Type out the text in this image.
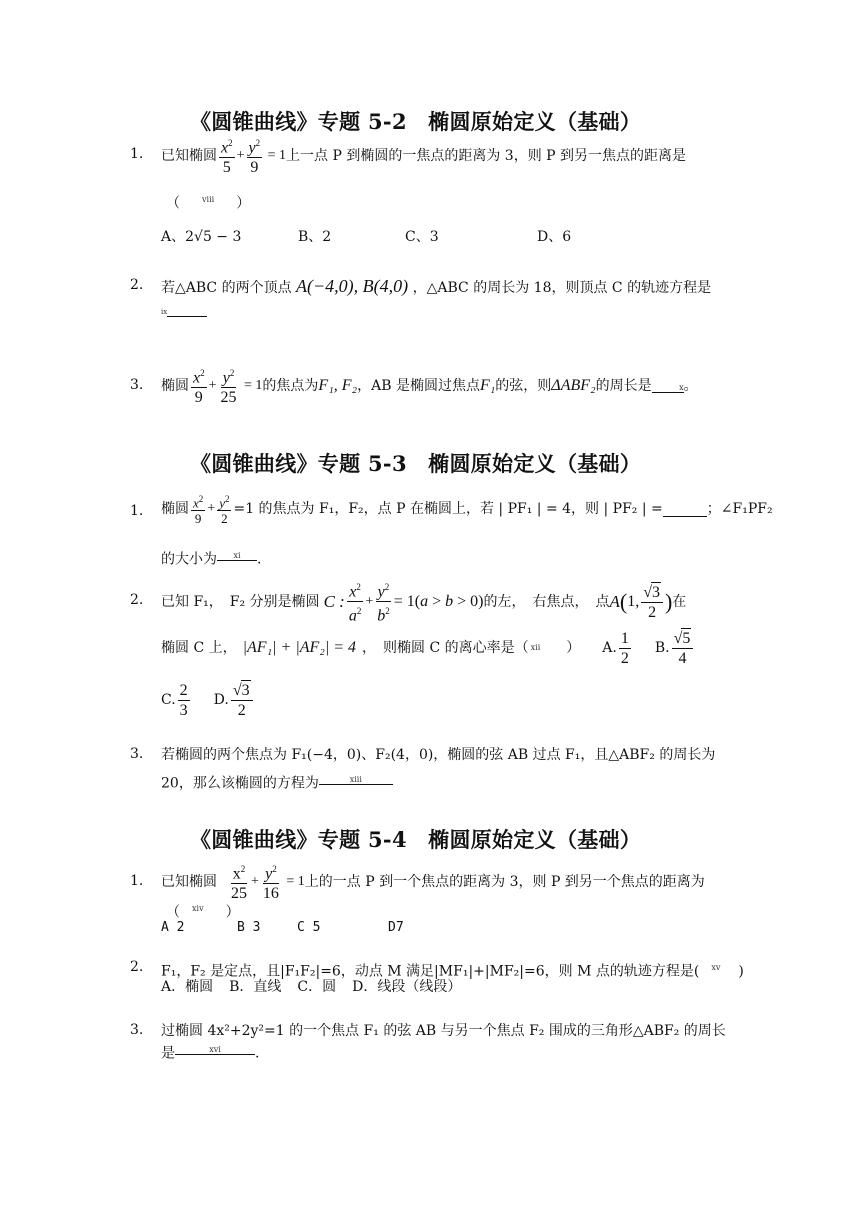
《圆锥曲线》专题 5-2　椭圆原始定义（基础）
1. 已知椭圆 $\frac{x^2}{5} + \frac{y^2}{9} = 1$ 上一点 P 到椭圆的一焦点的距离为 3，则 P 到另一焦点的距离是
（	$^{viii}$ ）
A、2√5 − 3	B、2	C、3	D、6
2. 若△ABC 的两个顶点 A(−4,0), B(4,0) ，△ABC 的周长为 18，则顶点 C 的轨迹方程是
$^{ix}$
3. 椭圆 $\frac{x^2}{9} + \frac{y^2}{25} = 1$ 的焦点为 F₁, F₂ ，AB 是椭圆过焦点 F₁ 的弦，则 ΔABF₂ 的周长是	$^x$ 。
《圆锥曲线》专题 5-3　椭圆原始定义（基础）
1. 椭圆 $\frac{x^2}{9} + \frac{y^2}{2} =1$ 的焦点为 F₁，F₂，点 P 在椭圆上，若 | PF₁ | = 4，则 | PF₂ | =	；∠F₁PF₂
的大小为 $^{xi}$ .
2. 已知 F₁，　F₂ 分别是椭圆 C : $\frac{x^2}{a^2} + \frac{y^2}{b^2} = 1(a > b > 0)$ 的左，　右焦点，　点 A ( 1, $\frac{√3}{2}$ ) 在
椭圆 C 上， |AF₁| + |AF₂| = 4 ，　则椭圆 C 的离心率是（ xii ） A. $\frac{1}{2} B$. $\frac{√5}{4}$
C. $\frac{2}{3} D$. $\frac{√3}{2}$
3. 若椭圆的两个焦点为 F₁(−4，0)、F₂(4，0)，椭圆的弦 AB 过点 F₁，且△ABF₂ 的周长为
20，那么该椭圆的方程为	$^{xiii}$
《圆锥曲线》专题 5-4　椭圆原始定义（基础）
1. 已知椭圆 $\frac{x^2}{25} + \frac{y^2}{16} = 1$ 上的一点 P 到一个焦点的距离为 3，则 P 到另一个焦点的距离为
（ $^{xiv}$ ）
A 2	B 3	C 5	D7
2. F₁，F₂ 是定点，且|F₁F₂|=6，动点 M 满足|MF₁|+|MF₂|=6，则 M 点的轨迹方程是( $^{xv}$ )
A．椭圆 B．直线 C．圆 D．线段（线段）
3. 过椭圆 4x²+2y²=1 的一个焦点 F₁ 的弦 AB 与另一个焦点 F₂ 围成的三角形△ABF₂ 的周长
是	$^{xvi}$ .
